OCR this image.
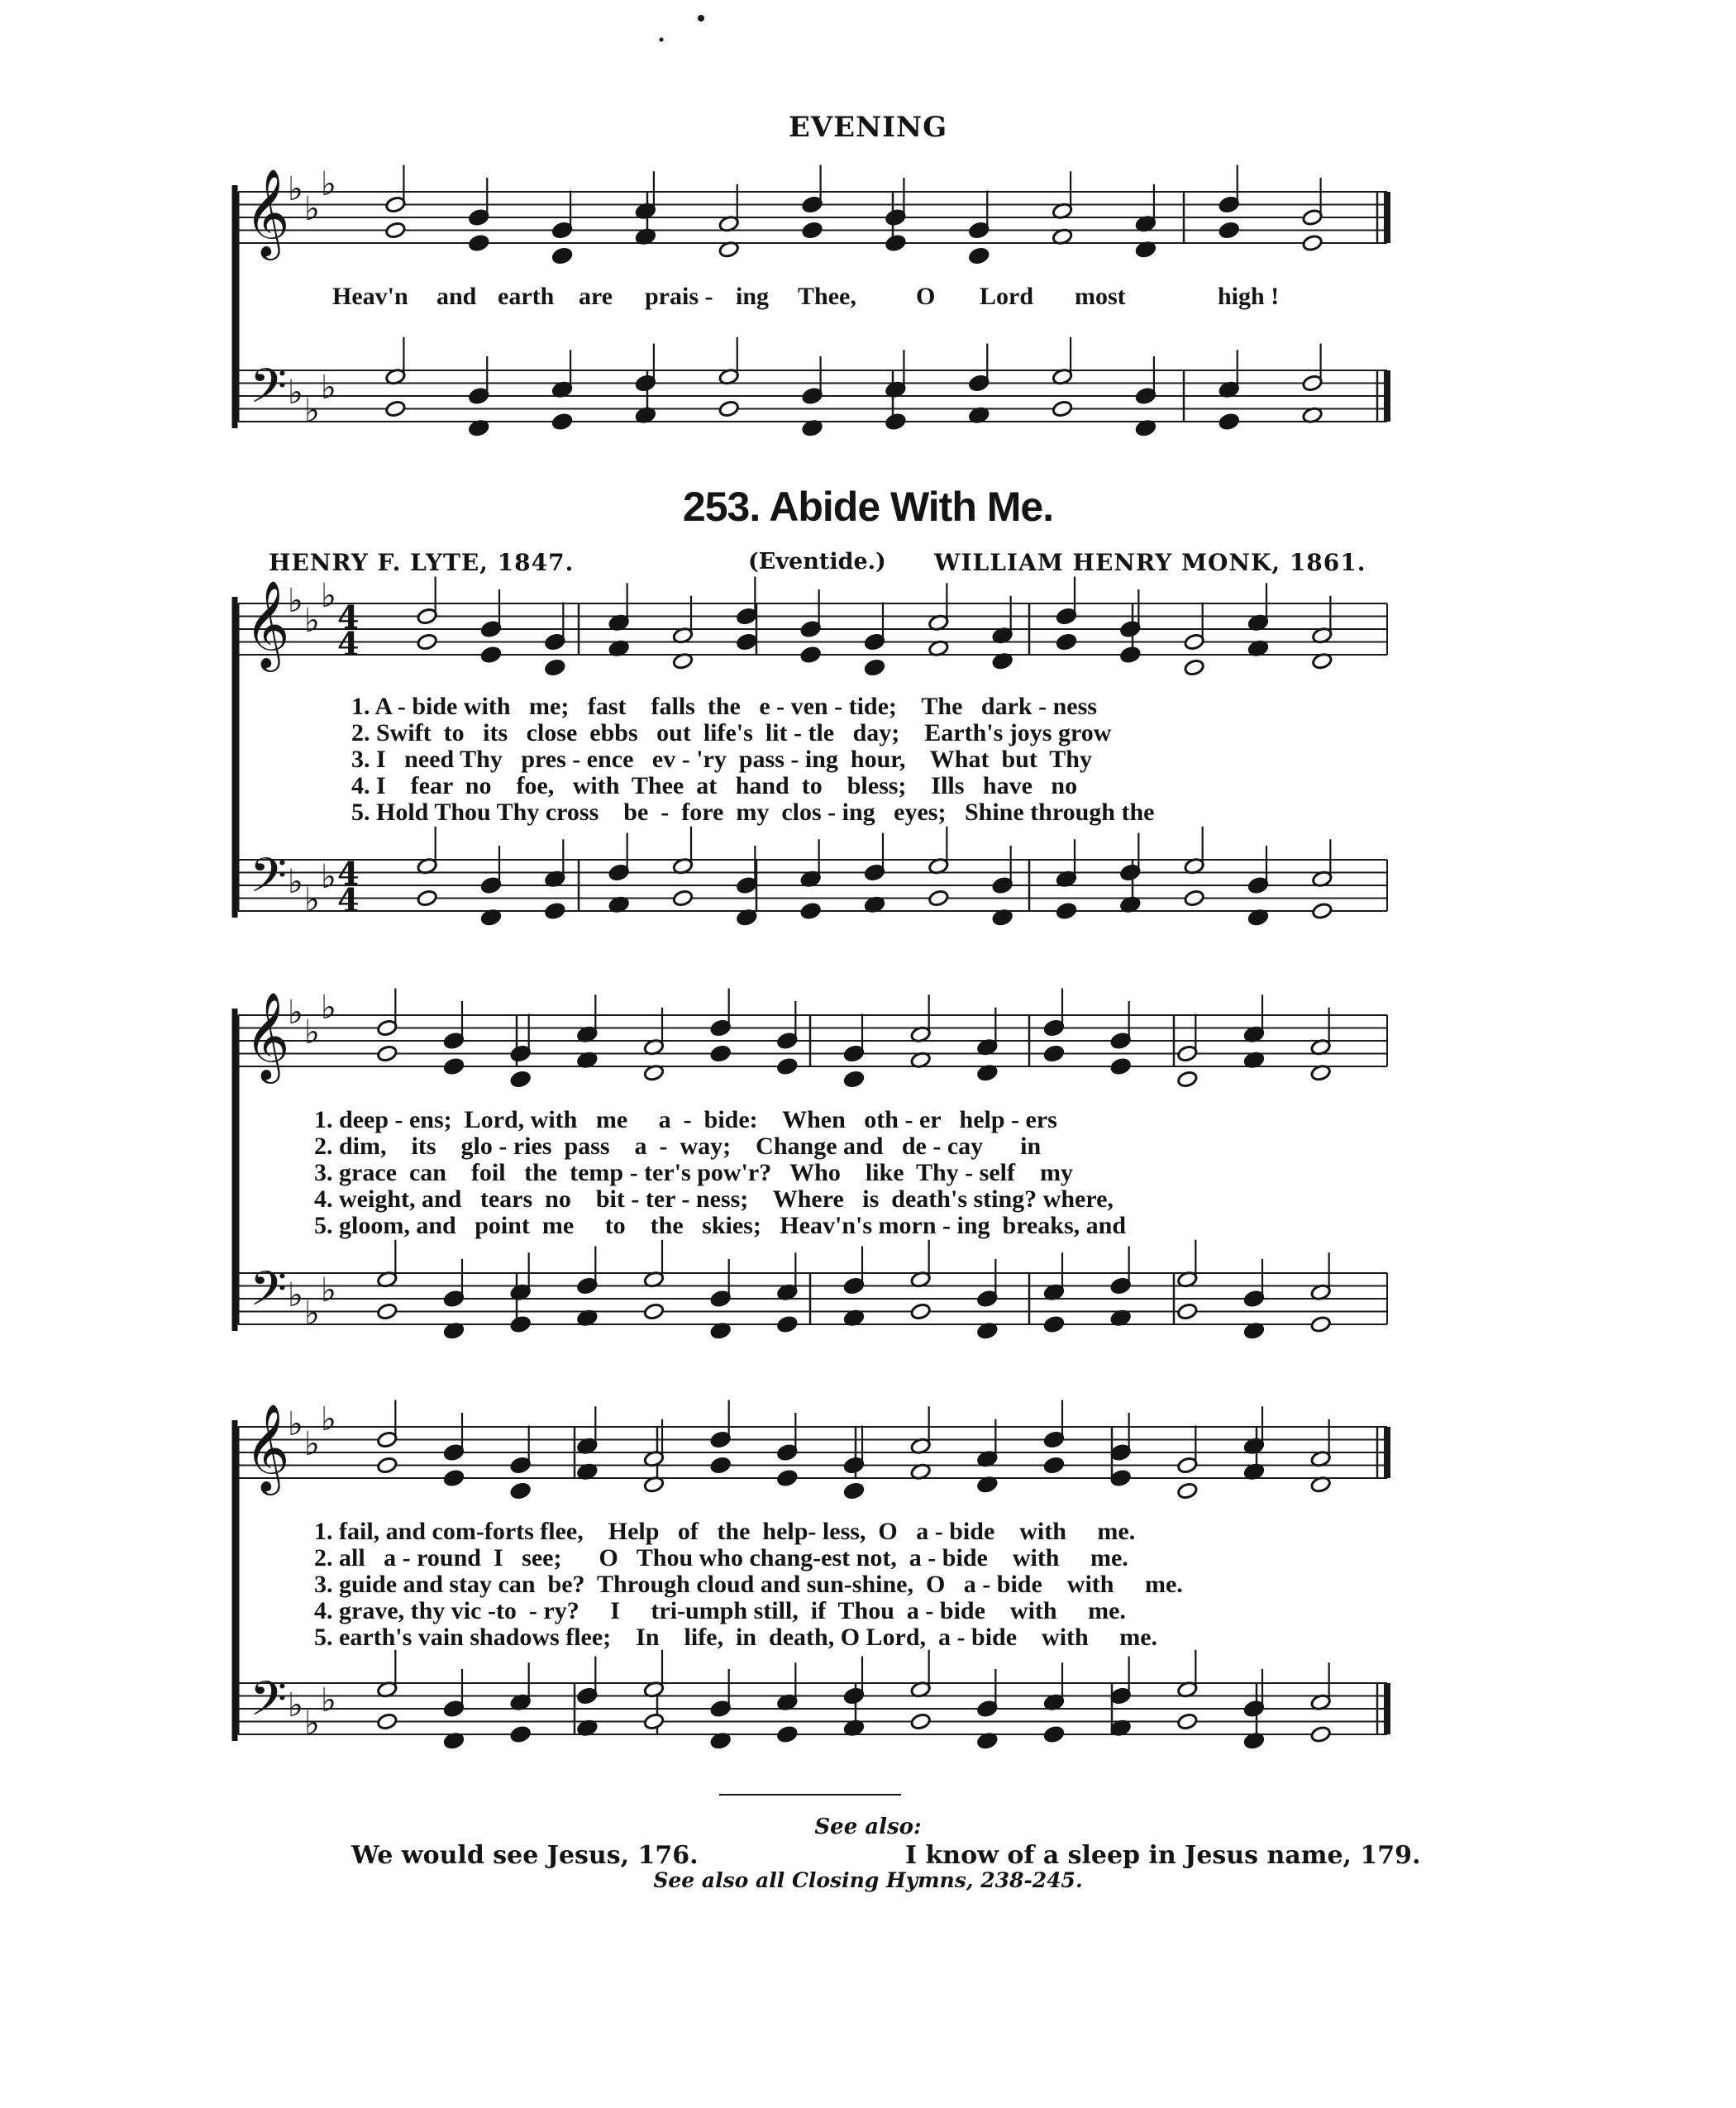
EVENING
𝄞
𝄢
♭
♭
♭
♭ ♭
♭
𝄞
𝄢
♭
♭
♭
♭ ♭
♭
4
4
4
4
𝄞
𝄢
♭
♭
♭
♭ ♭
♭
𝄞
𝄢
♭
♭
♭
♭ ♭
♭
Heav'n and earth are prais - ing Thee, O Lord most	high !
253. Abide With Me.
HENRY F. LYTE, 1847.	(Eventide.) WILLIAM HENRY MONK, 1861.
1. A - bide with   me;   fast    falls  the   e - ven - tide;    The   dark - ness
2. Swift  to   its   close  ebbs   out  life's  lit - tle   day;    Earth's joys grow
3. I   need Thy   pres - ence   ev - 'ry  pass - ing  hour,    What  but  Thy
4. I    fear  no    foe,   with  Thee  at   hand  to    bless;    Ills   have   no
5. Hold Thou Thy cross    be  -  fore  my  clos - ing   eyes;   Shine through the
1. deep - ens;  Lord, with   me     a  -  bide:    When   oth - er   help - ers
2. dim,    its    glo - ries  pass    a  -  way;    Change and   de - cay      in
3. grace  can    foil   the  temp - ter's pow'r?   Who    like  Thy - self    my
4. weight, and   tears  no    bit - ter - ness;    Where   is  death's sting? where,
5. gloom, and   point  me     to    the   skies;   Heav'n's morn - ing  breaks, and
1. fail, and com-forts flee,    Help   of   the  help- less,  O   a - bide    with     me.
2. all   a - round  I   see;      O   Thou who chang-est not,  a - bide    with     me.
3. guide and stay can  be?  Through cloud and sun-shine,  O   a - bide    with     me.
4. grave, thy vic -to  - ry?     I     tri-umph still,  if  Thou  a - bide    with     me.
5. earth's vain shadows flee;    In    life,  in  death, O Lord,  a - bide    with     me.
See also:
We would see Jesus, 176.	I know of a sleep in Jesus name, 179.
See also all Closing Hymns, 238-245.
